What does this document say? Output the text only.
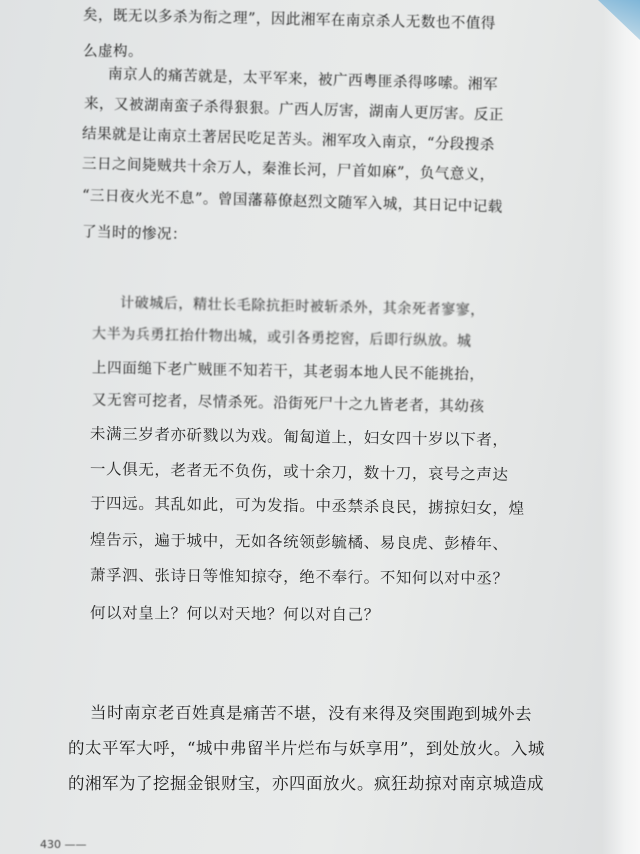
矣，既无以多杀为衔之理”，因此湘军在南京杀人无数也不值得
么虚构。
南京人的痛苦就是，太平军来，被广西粤匪杀得哆嗦。湘军
来，又被湖南蛮子杀得狠狠。广西人厉害，湖南人更厉害。反正
结果就是让南京土著居民吃足苦头。湘军攻入南京，“分段搜杀
三日之间毙贼共十余万人，秦淮长河，尸首如麻”，负气意义，
“三日夜火光不息”。曾国藩幕僚赵烈文随军入城，其日记中记载
了当时的惨况：
计破城后，精壮长毛除抗拒时被斩杀外，其余死者寥寥，
大半为兵勇扛抬什物出城，或引各勇挖窖，后即行纵放。城
上四面缒下老广贼匪不知若干，其老弱本地人民不能挑抬，
又无窖可挖者，尽情杀死。沿街死尸十之九皆老者，其幼孩
未满三岁者亦斫戮以为戏。匍匐道上，妇女四十岁以下者，
一人俱无，老者无不负伤，或十余刀，数十刀，哀号之声达
于四远。其乱如此，可为发指。中丞禁杀良民，掳掠妇女，煌
煌告示，遍于城中，无如各统领彭毓橘、易良虎、彭椿年、
萧孚泗、张诗日等惟知掠夺，绝不奉行。不知何以对中丞？
何以对皇上？何以对天地？何以对自己？
当时南京老百姓真是痛苦不堪，没有来得及突围跑到城外去
的太平军大呼，“城中弗留半片烂布与妖享用”，到处放火。入城
的湘军为了挖掘金银财宝，亦四面放火。疯狂劫掠对南京城造成
430 ——
